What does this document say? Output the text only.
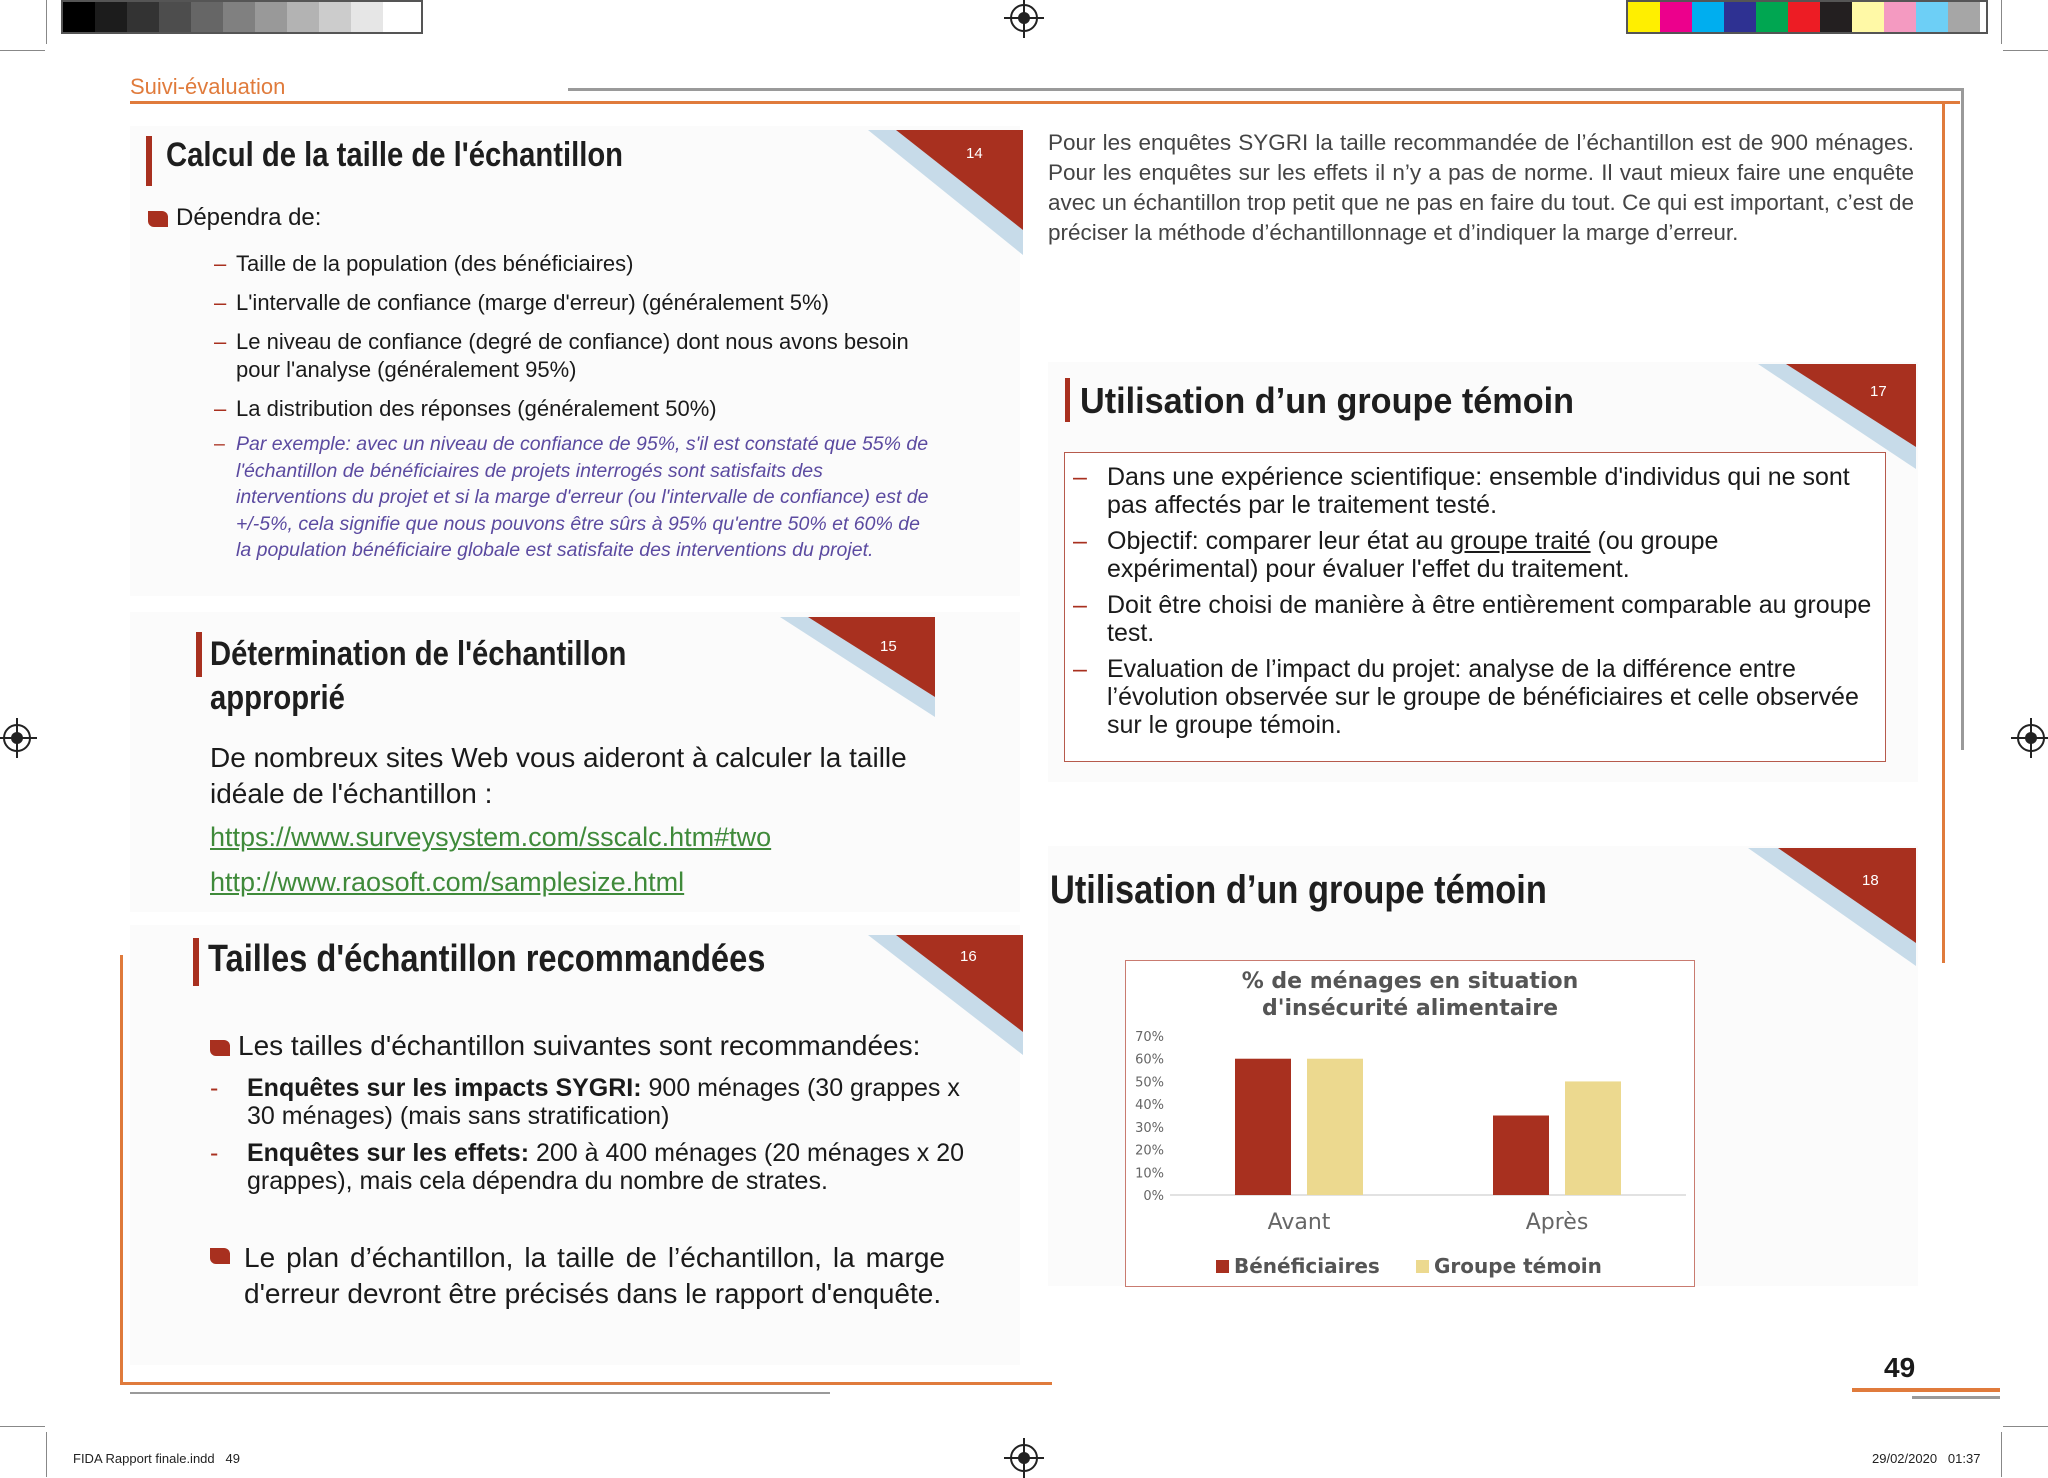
Suivi-évaluation
Calcul de la taille de l'échantillon	14
Dépendra de:
– Taille de la population (des bénéficiaires)
– L'intervalle de confiance (marge d'erreur) (généralement 5%)
– Le niveau de confiance (degré de confiance) dont nous avons besoin pour l'analyse (généralement 95%)
– La distribution des réponses (généralement 50%)
– Par exemple: avec un niveau de confiance de 95%, s'il est constaté que 55% de l'échantillon de bénéficiaires de projets interrogés sont satisfaits des interventions du projet et si la marge d'erreur (ou l'intervalle de confiance) est de +/-5%, cela signifie que nous pouvons être sûrs à 95% qu'entre 50% et 60% de la population bénéficiaire globale est satisfaite des interventions du projet.
Détermination de l'échantillon
approprié
15
De nombreux sites Web vous aideront à calculer la taille idéale de l'échantillon :
https://www.surveysystem.com/sscalc.htm#two
http://www.raosoft.com/samplesize.html
Tailles d'échantillon recommandées	16
Les tailles d'échantillon suivantes sont recommandées:
-	Enquêtes sur les impacts SYGRI: 900 ménages (30 grappes x 30 ménages) (mais sans stratification)
-	Enquêtes sur les effets: 200 à 400 ménages (20 ménages x 20 grappes), mais cela dépendra du nombre de strates.
Le plan d’échantillon, la taille de l’échantillon, la marge d'erreur devront être précisés dans le rapport d'enquête.
Pour les enquêtes SYGRI la taille recommandée de l’échantillon est de 900 ménages. Pour les enquêtes sur les effets il n’y a pas de norme. Il vaut mieux faire une enquête avec un échantillon trop petit que ne pas en faire du tout. Ce qui est important, c’est de préciser la méthode d’échantillonnage et d’indiquer la marge d’erreur.
Utilisation d’un groupe témoin	17
– Dans une expérience scientifique: ensemble d'individus qui ne sont pas affectés par le traitement testé.
– Objectif: comparer leur état au groupe traité (ou groupe expérimental) pour évaluer l'effet du traitement.
– Doit être choisi de manière à être entièrement comparable au groupe test.
– Evaluation de l’impact du projet: analyse de la différence entre l’évolution observée sur le groupe de bénéficiaires et celle observée sur le groupe témoin.
Utilisation d’un groupe témoin	18
% de ménages en situation
d'insécurité alimentaire
0%
10%
20%
30%
40%
50%
60%
70%
Avant	Après
Bénéficiaires	Groupe témoin
49
FIDA Rapport finale.indd   49	29/02/2020   01:37
